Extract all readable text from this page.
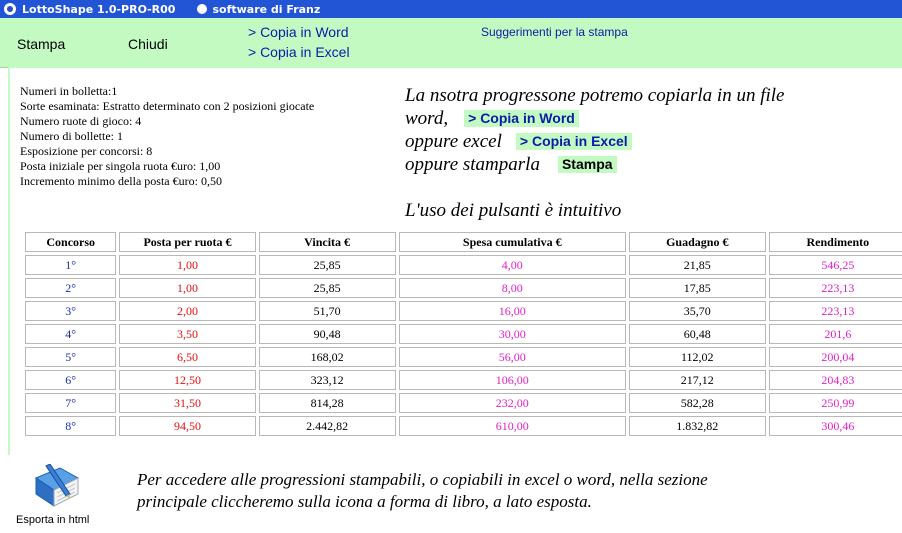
LottoShape 1.0-PRO-R00	software di Franz
Stampa	Chiudi
> Copia in Word
> Copia in Excel
Suggerimenti per la stampa
Numeri in bolletta:1
Sorte esaminata: Estratto determinato con 2 posizioni giocate
Numero ruote di gioco: 4
Numero di bollette: 1
Esposizione per concorsi: 8
Posta iniziale per singola ruota €uro: 1,00
Incremento minimo della posta €uro: 0,50
La nsotra progressone potremo copiarla in un file
word, > Copia in Word
oppure excel > Copia in Excel
oppure stamparla Stampa
L'uso dei pulsanti è intuitivo
Concorso	Posta per ruota €	Vincita €	Spesa cumulativa €	Guadagno €	Rendimento
1°	1,00	25,85	4,00	21,85	546,25
2°	1,00	25,85	8,00	17,85	223,13
3°	2,00	51,70	16,00	35,70	223,13
4°	3,50	90,48	30,00	60,48	201,6
5°	6,50	168,02	56,00	112,02	200,04
6°	12,50	323,12	106,00	217,12	204,83
7°	31,50	814,28	232,00	582,28	250,99
8°	94,50	2.442,82	610,00	1.832,82	300,46
Esporta in html
Per accedere alle progressioni stampabili, o copiabili in excel o word, nella sezione
principale cliccheremo sulla icona a forma di libro, a lato esposta.
